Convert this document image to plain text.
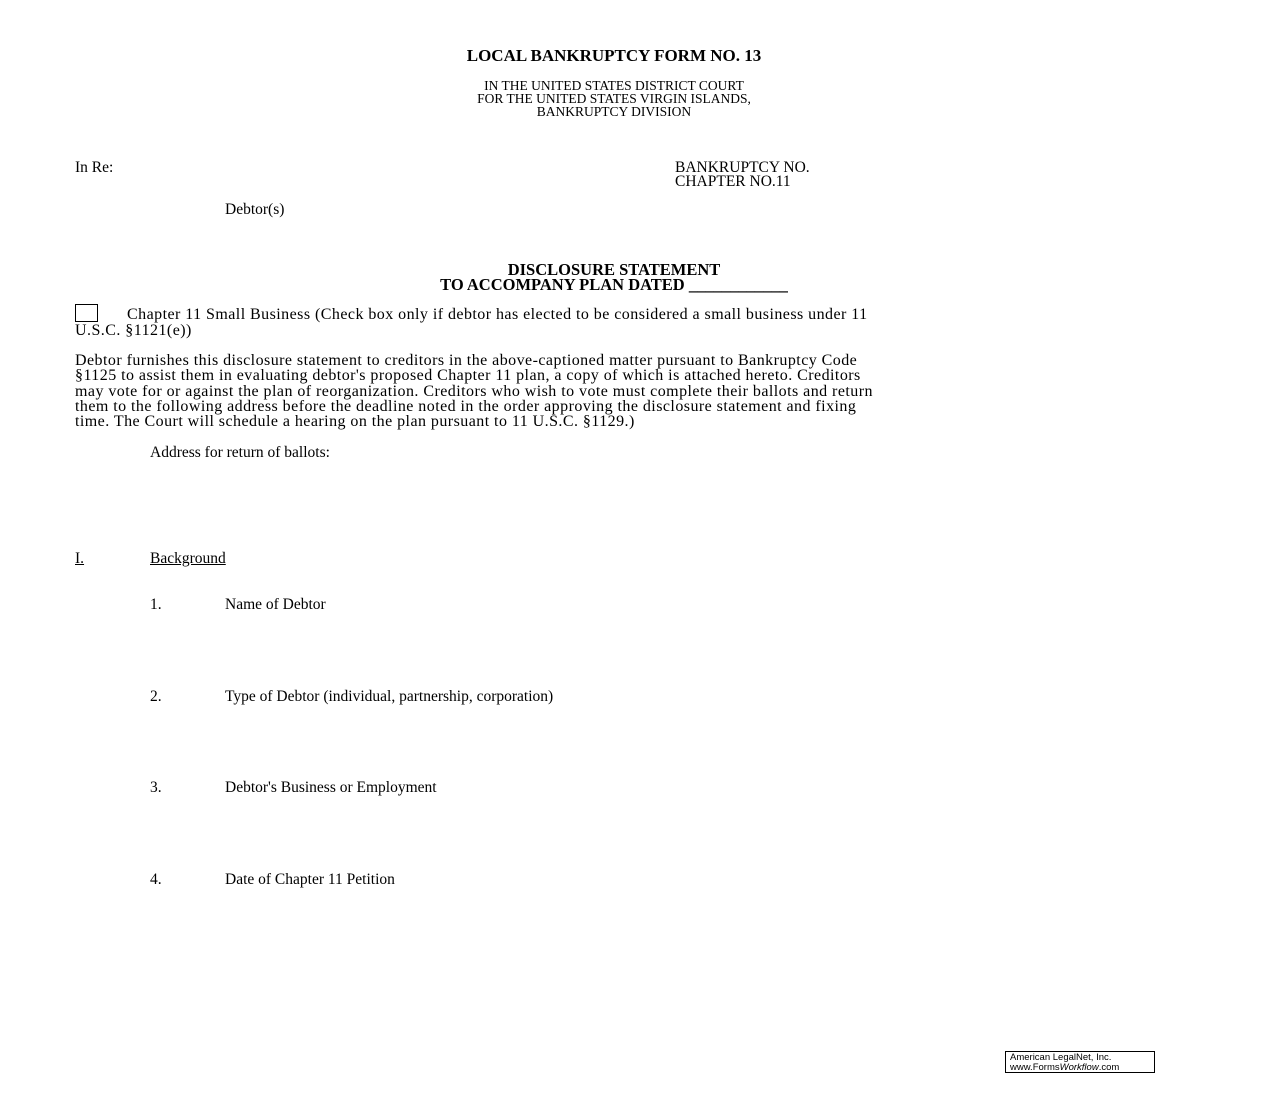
LOCAL BANKRUPTCY FORM NO. 13
IN THE UNITED STATES DISTRICT COURT
FOR THE UNITED STATES VIRGIN ISLANDS,
BANKRUPTCY DIVISION
In Re:	BANKRUPTCY NO.
CHAPTER NO.11
Debtor(s)
DISCLOSURE STATEMENT
TO ACCOMPANY PLAN DATED ____________
Chapter 11 Small Business (Check box only if debtor has elected to be considered a small business under 11
U.S.C. §1121(e))
Debtor furnishes this disclosure statement to creditors in the above-captioned matter pursuant to Bankruptcy Code
§1125 to assist them in evaluating debtor's proposed Chapter 11 plan, a copy of which is attached hereto. Creditors
may vote for or against the plan of reorganization. Creditors who wish to vote must complete their ballots and return
them to the following address before the deadline noted in the order approving the disclosure statement and fixing
time. The Court will schedule a hearing on the plan pursuant to 11 U.S.C. §1129.)
Address for return of ballots:
I.	Background
1.	Name of Debtor
2.	Type of Debtor (individual, partnership, corporation)
3.	Debtor's Business or Employment
4.	Date of Chapter 11 Petition
American LegalNet, Inc.
www.FormsWorkflow.com
